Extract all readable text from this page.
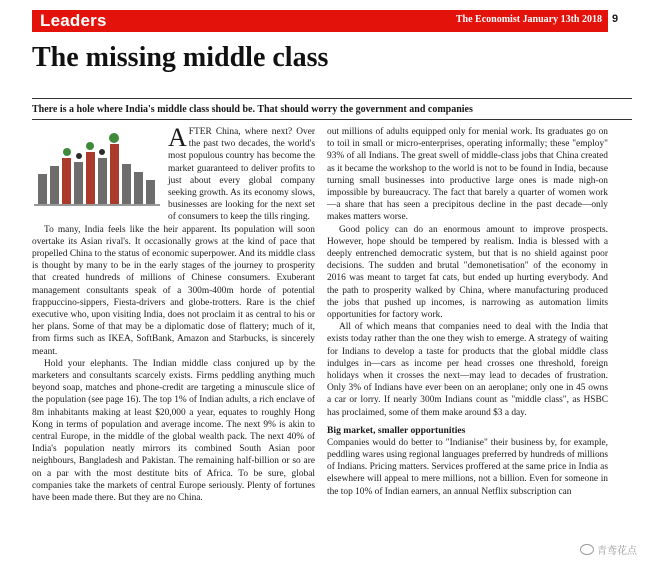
Leaders	The Economist January 13th 2018 9
The missing middle class
There is a hole where India's middle class should be. That should worry the government and companies

AFTER China, where next? Over the past two decades, the world's most populous country has become the market guaranteed to deliver profits to just about every global company seeking growth. As its economy slows, businesses are looking for the next set of consumers to keep the tills ringing.

To many, India feels like the heir apparent. Its population will soon overtake its Asian rival's. It occasionally grows at the kind of pace that propelled China to the status of economic superpower. And its middle class is thought by many to be in the early stages of the journey to prosperity that created hundreds of millions of Chinese consumers. Exuberant management consultants speak of a 300m-400m horde of potential frappuccino-sippers, Fiesta-drivers and globe-trotters. Rare is the chief executive who, upon visiting India, does not proclaim it as central to his or her plans. Some of that may be a diplomatic dose of flattery; much of it, from firms such as IKEA, SoftBank, Amazon and Starbucks, is sincerely meant.

Hold your elephants. The Indian middle class conjured up by the marketers and consultants scarcely exists. Firms peddling anything much beyond soap, matches and phone-credit are targeting a minuscule slice of the population (see page 16). The top 1% of Indian adults, a rich enclave of 8m inhabitants making at least $20,000 a year, equates to roughly Hong Kong in terms of population and average income. The next 9% is akin to central Europe, in the middle of the global wealth pack. The next 40% of India's population neatly mirrors its combined South Asian poor neighbours, Bangladesh and Pakistan. The remaining half-billion or so are on a par with the most destitute bits of Africa. To be sure, global companies take the markets of central Europe seriously. Plenty of fortunes have been made there. But they are no China.

out millions of adults equipped only for menial work. Its graduates go on to toil in small or micro-enterprises, operating informally; these "employ" 93% of all Indians. The great swell of middle-class jobs that China created as it became the workshop to the world is not to be found in India, because turning small businesses into productive large ones is made nigh-on impossible by bureaucracy. The fact that barely a quarter of women work—a share that has seen a precipitous decline in the past decade—only makes matters worse.

Good policy can do an enormous amount to improve prospects. However, hope should be tempered by realism. India is blessed with a deeply entrenched democratic system, but that is no shield against poor decisions. The sudden and brutal "demonetisation" of the economy in 2016 was meant to target fat cats, but ended up hurting everybody. And the path to prosperity walked by China, where manufacturing produced the jobs that pushed up incomes, is narrowing as automation limits opportunities for factory work.

All of which means that companies need to deal with the India that exists today rather than the one they wish to emerge. A strategy of waiting for Indians to develop a taste for products that the global middle class indulges in—cars as income per head crosses one threshold, foreign holidays when it crosses the next—may lead to decades of frustration. Only 3% of Indians have ever been on an aeroplane; only one in 45 owns a car or lorry. If nearly 300m Indians count as "middle class", as HSBC has proclaimed, some of them make around $3 a day.

Big market, smaller opportunities

Companies would do better to "Indianise" their business by, for example, peddling wares using regional languages preferred by hundreds of millions of Indians. Pricing matters. Services proffered at the same price in India as elsewhere will appeal to mere millions, not a billion. Even for someone in the top 10% of Indian earners, an annual Netflix subscription can

青鸢花点
